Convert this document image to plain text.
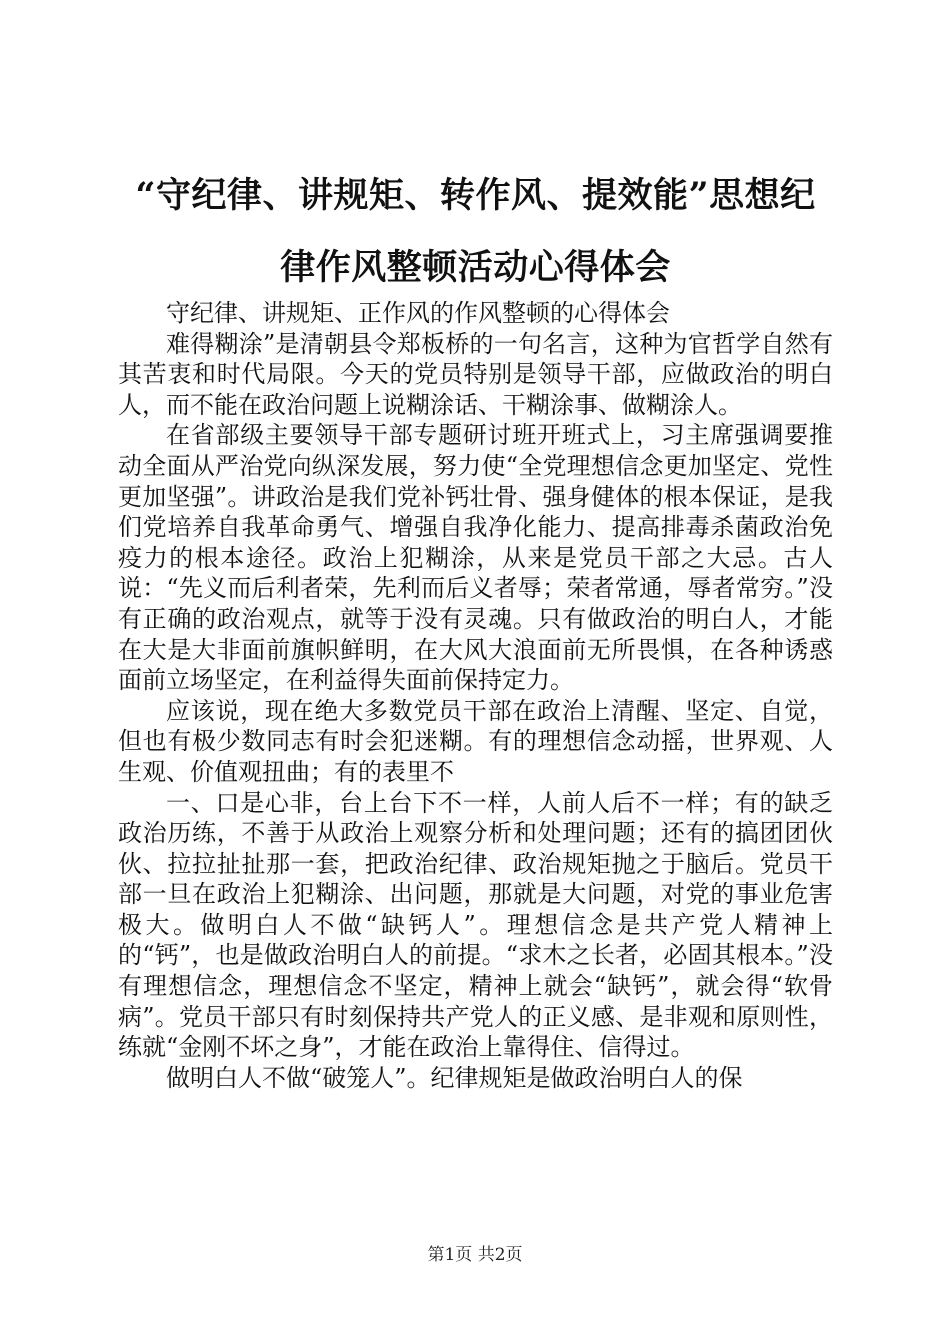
“守纪律、讲规矩、转作风、提效能”思想纪
律作风整顿活动心得体会

守纪律、讲规矩、正作风的作风整顿的心得体会

难得糊涂”是清朝县令郑板桥的一句名言，这种为官哲学自然有其苦衷和时代局限。今天的党员特别是领导干部，应做政治的明白人，而不能在政治问题上说糊涂话、干糊涂事、做糊涂人。

在省部级主要领导干部专题研讨班开班式上，习主席强调要推动全面从严治党向纵深发展，努力使“全党理想信念更加坚定、党性更加坚强”。讲政治是我们党补钙壮骨、强身健体的根本保证，是我们党培养自我革命勇气、增强自我净化能力、提高排毒杀菌政治免疫力的根本途径。政治上犯糊涂，从来是党员干部之大忌。古人说：“先义而后利者荣，先利而后义者辱；荣者常通，辱者常穷。”没有正确的政治观点，就等于没有灵魂。只有做政治的明白人，才能在大是大非面前旗帜鲜明，在大风大浪面前无所畏惧，在各种诱惑面前立场坚定，在利益得失面前保持定力。

应该说，现在绝大多数党员干部在政治上清醒、坚定、自觉，但也有极少数同志有时会犯迷糊。有的理想信念动摇，世界观、人生观、价值观扭曲；有的表里不

一、口是心非，台上台下不一样，人前人后不一样；有的缺乏政治历练，不善于从政治上观察分析和处理问题；还有的搞团团伙伙、拉拉扯扯那一套，把政治纪律、政治规矩抛之于脑后。党员干部一旦在政治上犯糊涂、出问题，那就是大问题，对党的事业危害极大。做明白人不做“缺钙人”。理想信念是共产党人精神上的“钙”，也是做政治明白人的前提。“求木之长者，必固其根本。”没有理想信念，理想信念不坚定，精神上就会“缺钙”，就会得“软骨病”。党员干部只有时刻保持共产党人的正义感、是非观和原则性，练就“金刚不坏之身”，才能在政治上靠得住、信得过。

做明白人不做“破笼人”。纪律规矩是做政治明白人的保

第1页 共2页
